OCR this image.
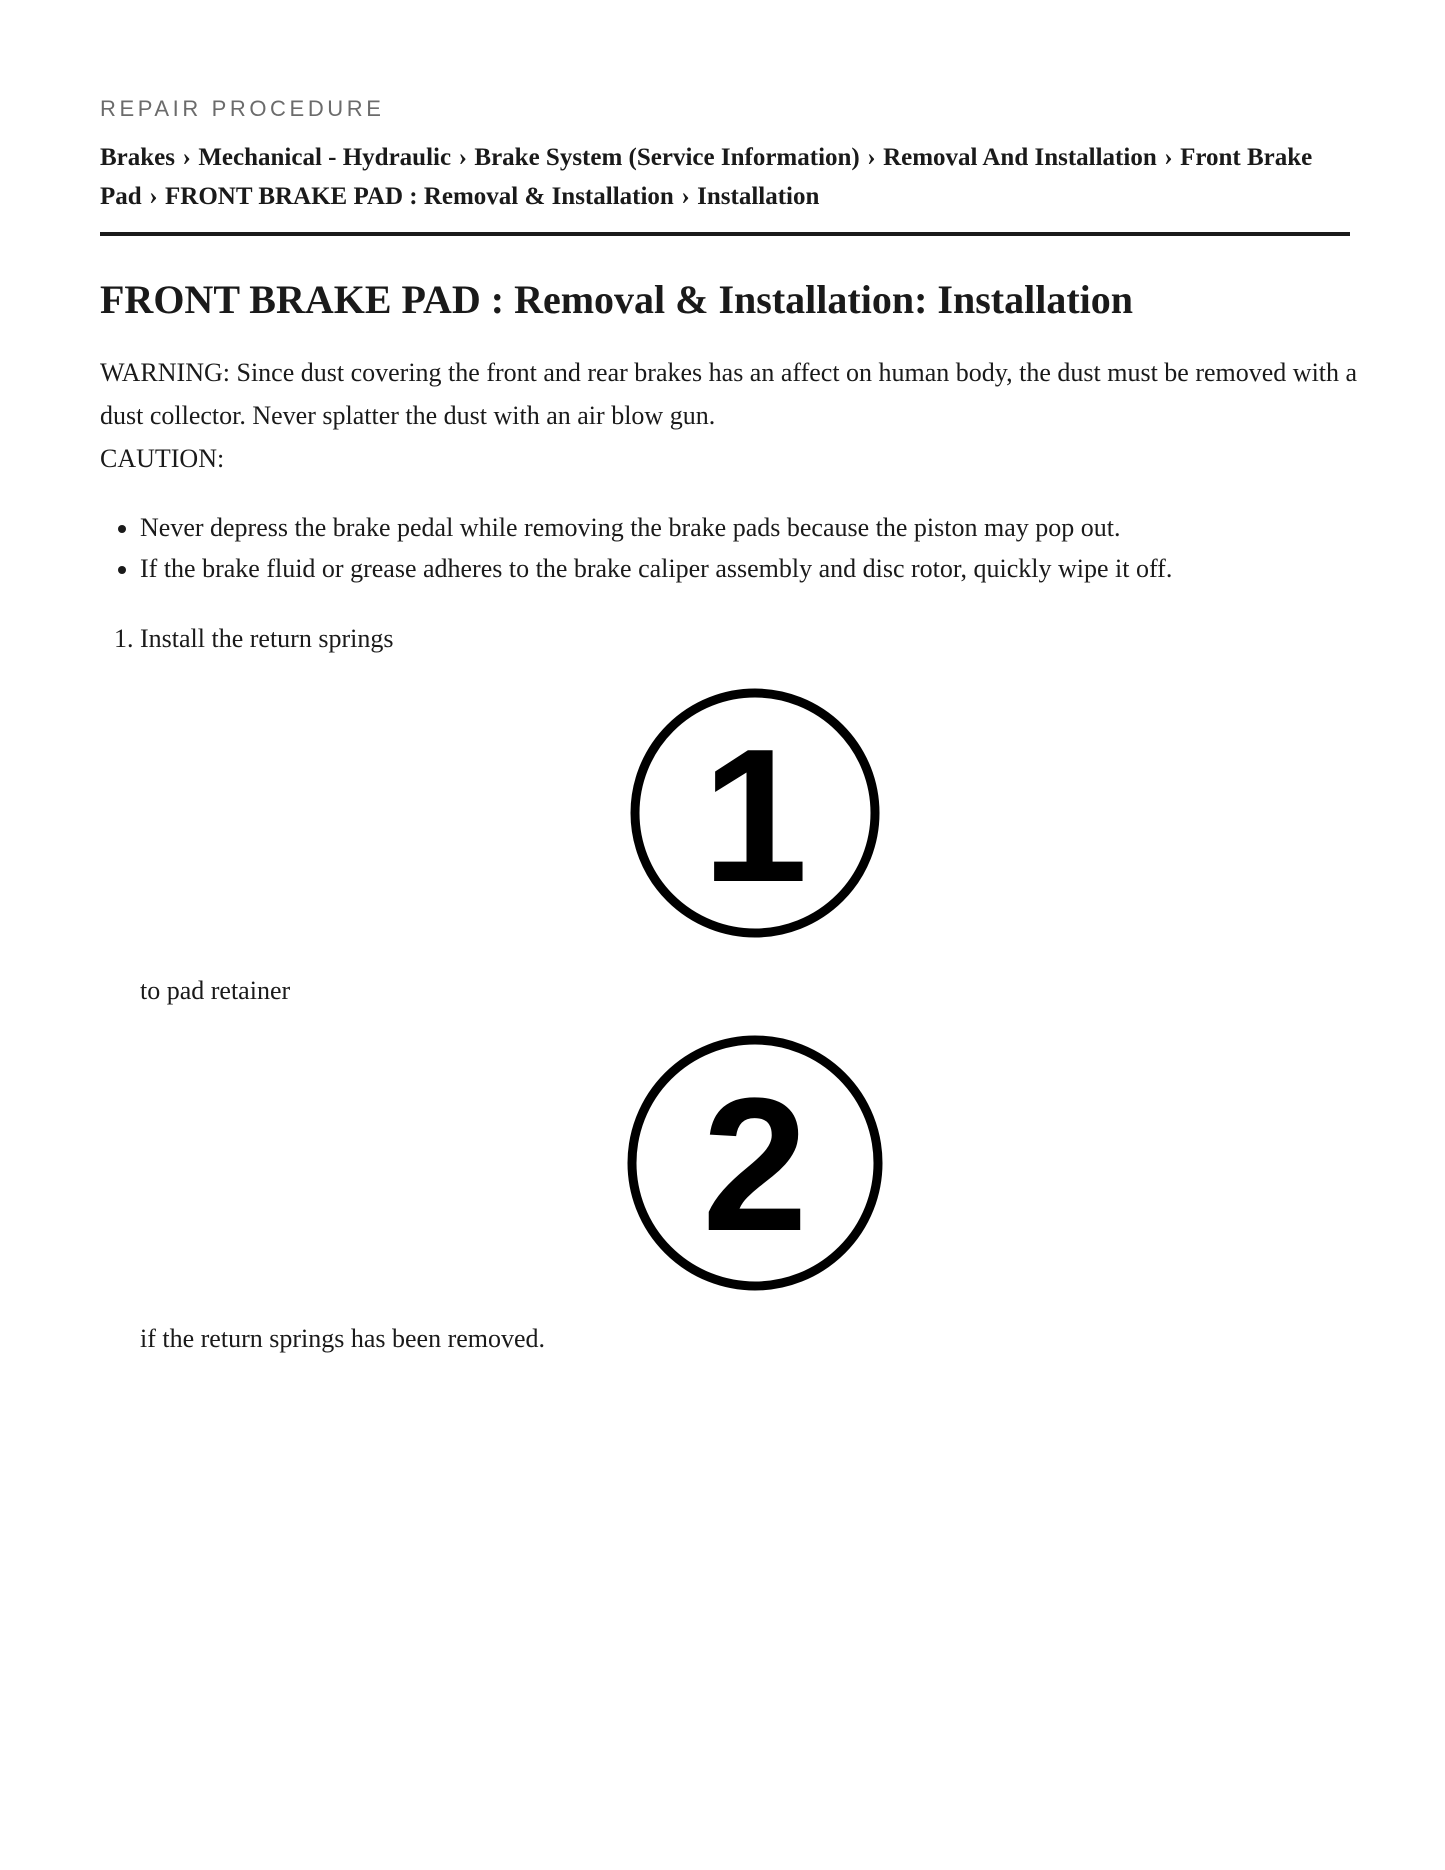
REPAIR PROCEDURE

Brakes › Mechanical - Hydraulic › Brake System (Service Information) › Removal And Installation › Front Brake Pad › FRONT BRAKE PAD : Removal & Installation › Installation
FRONT BRAKE PAD : Removal & Installation: Installation

WARNING: Since dust covering the front and rear brakes has an affect on human body, the dust must be removed with a dust collector. Never splatter the dust with an air blow gun.

CAUTION:

• Never depress the brake pedal while removing the brake pads because the piston may pop out.
• If the brake fluid or grease adheres to the brake caliper assembly and disc rotor, quickly wipe it off.
1. Install the return springs
1
to pad retainer
2
if the return springs has been removed.
